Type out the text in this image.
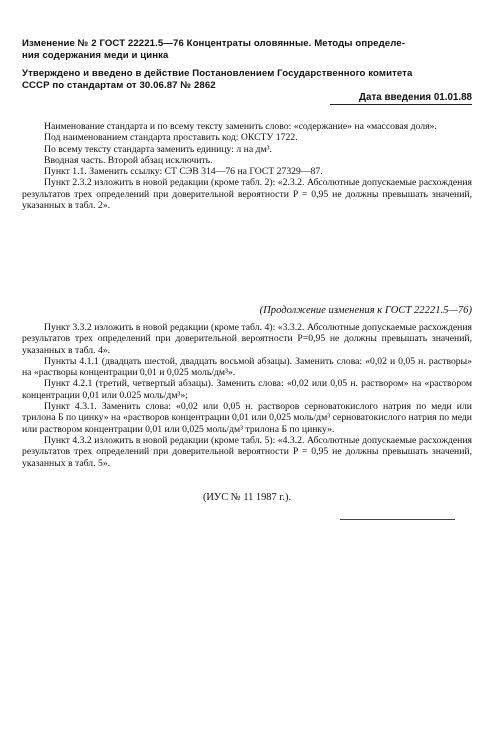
Изменение № 2 ГОСТ 22221.5—76 Концентраты оловянные. Методы определе-
ния содержания меди и цинка
Утверждено и введено в действие Постановлением Государственного комитета
СССР по стандартам от 30.06.87 № 2862
Дата введения 01.01.88

Наименование стандарта и по всему тексту заменить слово: «содержание» на «массовая доля».

Под наименованием стандарта проставить код: ОКСТУ 1722.

По всему тексту стандарта заменить единицу: л на дм³.

Вводная часть. Второй абзац исключить.

Пункт 1.1. Заменить ссылку: СТ СЭВ 314—76 на ГОСТ 27329—87.

Пункт 2.3.2 изложить в новой редакции (кроме табл. 2): «2.3.2. Абсолютные допускаемые расхождения результатов трех определений при доверительной вероятности P = 0,95 не должны превышать значений, указанных в табл. 2».

(Продолжение изменения к ГОСТ 22221.5—76)

Пункт 3.3.2 изложить в новой редакции (кроме табл. 4): «3.3.2. Абсолютные допускаемые расхождения результатов трех определений при доверительной вероятности P=0,95 не должны превышать значений, указанных в табл. 4».

Пункты 4.1.1 (двадцать шестой, двадцать восьмой абзацы). Заменить слова: «0,02 и 0,05 н. растворы» на «растворы концентрации 0,01 и 0,025 моль/дм³».

Пункт 4.2.1 (третий, четвертый абзацы). Заменить слова: «0,02 или 0,05 н. раствором» на «раствором концентрации 0,01 или 0.025 моль/дм³»;

Пункт 4.3.1. Заменить слова: «0,02 или 0,05 н. растворов серноватокислого натрия по меди или трилона Б по цинку» на «растворов концентрации 0,01 или 0,025 моль/дм³ серноватокислого натрия по меди или раствором концентрации 0,01 или 0,025 моль/дм³ трилона Б по цинку».

Пункт 4.3.2 изложить в новой редакции (кроме табл. 5): «4.3.2. Абсолютные допускаемые расхождения результатов трех определений при доверительной вероятности P = 0,95 не должны превышать значений, указанных в табл. 5».

(ИУС № 11 1987 г.).
